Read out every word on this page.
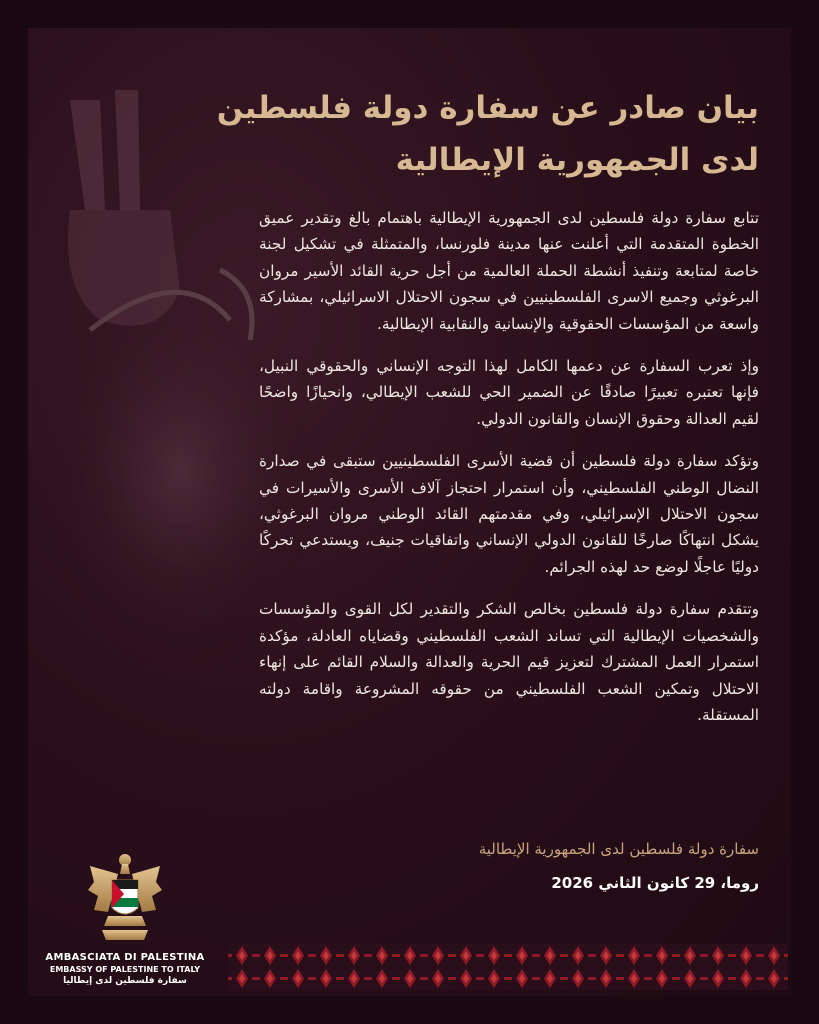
بيان صادر عن سفارة دولة فلسطين
لدى الجمهورية الإيطالية

تتابع سفارة دولة فلسطين لدى الجمهورية الإيطالية باهتمام بالغ وتقدير عميق الخطوة المتقدمة التي أعلنت عنها مدينة فلورنسا، والمتمثلة في تشكيل لجنة خاصة لمتابعة وتنفيذ أنشطة الحملة العالمية من أجل حرية القائد الأسير مروان البرغوثي وجميع الاسرى الفلسطينيين في سجون الاحتلال الاسرائيلي، بمشاركة واسعة من المؤسسات الحقوقية والإنسانية والنقابية الإيطالية.

وإذ تعرب السفارة عن دعمها الكامل لهذا التوجه الإنساني والحقوقي النبيل، فإنها تعتبره تعبيرًا صادقًا عن الضمير الحي للشعب الإيطالي، وانحيازًا واضحًا لقيم العدالة وحقوق الإنسان والقانون الدولي.

وتؤكد سفارة دولة فلسطين أن قضية الأسرى الفلسطينيين ستبقى في صدارة النضال الوطني الفلسطيني، وأن استمرار احتجاز آلاف الأسرى والأسيرات في سجون الاحتلال الإسرائيلي، وفي مقدمتهم القائد الوطني مروان البرغوثي، يشكل انتهاكًا صارخًا للقانون الدولي الإنساني واتفاقيات جنيف، ويستدعي تحركًا دوليًا عاجلًا لوضع حد لهذه الجرائم.

وتتقدم سفارة دولة فلسطين بخالص الشكر والتقدير لكل القوى والمؤسسات والشخصيات الإيطالية التي تساند الشعب الفلسطيني وقضاياه العادلة، مؤكدة استمرار العمل المشترك لتعزيز قيم الحرية والعدالة والسلام القائم على إنهاء الاحتلال وتمكين الشعب الفلسطيني من حقوقه المشروعة واقامة دولته المستقلة.

سفارة دولة فلسطين لدى الجمهورية الإيطالية
روما، 29 كانون الثاني 2026
AMBASCIATA DI PALESTINA
EMBASSY OF PALESTINE TO ITALY
سفارة فلسطين لدى إيطاليا
